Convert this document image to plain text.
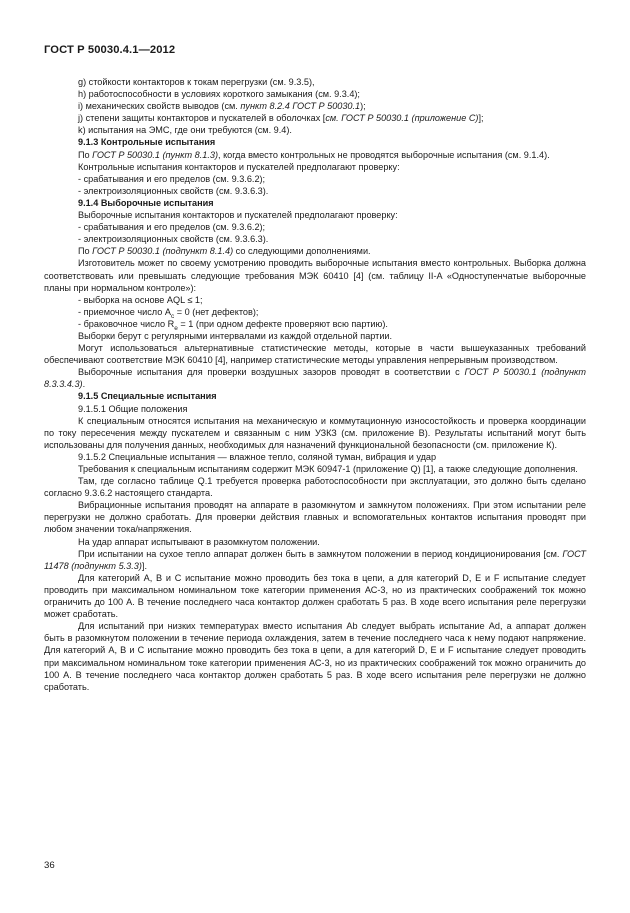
ГОСТ Р 50030.4.1—2012

g) стойкости контакторов к токам перегрузки (см. 9.3.5),

h) работоспособности в условиях короткого замыкания (см. 9.3.4);

i) механических свойств выводов (см. пункт 8.2.4 ГОСТ Р 50030.1);

j) степени защиты контакторов и пускателей в оболочках [см. ГОСТ Р 50030.1 (приложение С)];

k) испытания на ЭМС, где они требуются (см. 9.4).

9.1.3 Контрольные испытания

По ГОСТ Р 50030.1 (пункт 8.1.3), когда вместо контрольных не проводятся выборочные испытания (см. 9.1.4).

Контрольные испытания контакторов и пускателей предполагают проверку:

- срабатывания и его пределов (см. 9.3.6.2);

- электроизоляционных свойств (см. 9.3.6.3).

9.1.4 Выборочные испытания

Выборочные испытания контакторов и пускателей предполагают проверку:

- срабатывания и его пределов (см. 9.3.6.2);

- электроизоляционных свойств (см. 9.3.6.3).

По ГОСТ Р 50030.1 (подпункт 8.1.4) со следующими дополнениями.

Изготовитель может по своему усмотрению проводить выборочные испытания вместо контрольных. Выборка должна соответствовать или превышать следующие требования МЭК 60410 [4] (см. таблицу II-A «Одноступенчатые выборочные планы при нормальном контроле»):

- выборка на основе AQL ≤ 1;

- приемочное число $A_c = 0$ (нет дефектов);

- браковочное число $R_e = 1$ (при одном дефекте проверяют всю партию).

Выборки берут с регулярными интервалами из каждой отдельной партии.

Могут использоваться альтернативные статистические методы, которые в части вышеуказанных требований обеспечивают соответствие МЭК 60410 [4], например статистические методы управления непрерывным производством.

Выборочные испытания для проверки воздушных зазоров проводят в соответствии с ГОСТ Р 50030.1 (подпункт 8.3.3.4.3).

9.1.5 Специальные испытания

9.1.5.1 Общие положения

К специальным относятся испытания на механическую и коммутационную износостойкость и проверка координации по току пересечения между пускателем и связанным с ним УЗКЗ (см. приложение В). Результаты испытаний могут быть использованы для получения данных, необходимых для назначений функциональной безопасности (см. приложение К).

9.1.5.2 Специальные испытания — влажное тепло, соляной туман, вибрация и удар

Требования к специальным испытаниям содержит МЭК 60947-1 (приложение Q) [1], а также следующие дополнения.

Там, где согласно таблице Q.1 требуется проверка работоспособности при эксплуатации, это должно быть сделано согласно 9.3.6.2 настоящего стандарта.

Вибрационные испытания проводят на аппарате в разомкнутом и замкнутом положениях. При этом испытании реле перегрузки не должно сработать. Для проверки действия главных и вспомогательных контактов испытания проводят при любом значении тока/напряжения.

На удар аппарат испытывают в разомкнутом положении.

При испытании на сухое тепло аппарат должен быть в замкнутом положении в период кондиционирования [см. ГОСТ 11478 (подпункт 5.3.3)].

Для категорий A, B и C испытание можно проводить без тока в цепи, а для категорий D, E и F испытание следует проводить при максимальном номинальном токе категории применения АС-3, но из практических соображений ток можно ограничить до 100 А. В течение последнего часа контактор должен сработать 5 раз. В ходе всего испытания реле перегрузки может сработать.

Для испытаний при низких температурах вместо испытания Ab следует выбрать испытание Ad, а аппарат должен быть в разомкнутом положении в течение периода охлаждения, затем в течение последнего часа к нему подают напряжение. Для категорий A, B и C испытание можно проводить без тока в цепи, а для категорий D, E и F испытание следует проводить при максимальном номинальном токе категории применения АС-3, но из практических соображений ток можно ограничить до 100 А. В течение последнего часа контактор должен сработать 5 раз. В ходе всего испытания реле перегрузки не должно сработать.

36
